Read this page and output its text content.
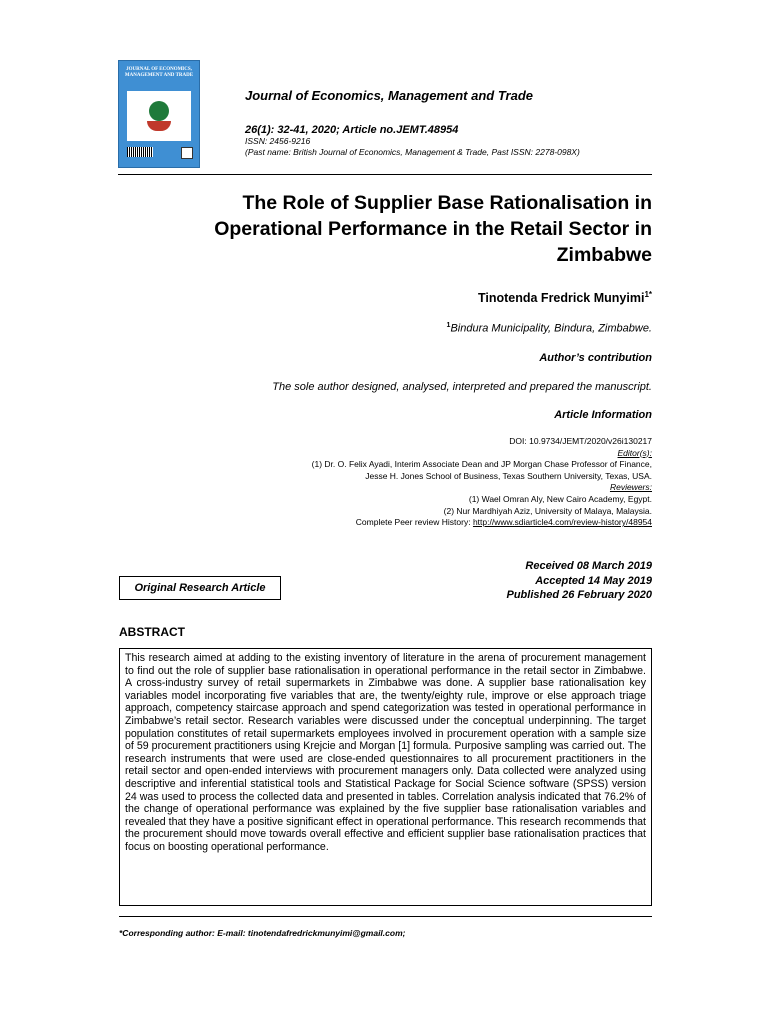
JOURNAL OF ECONOMICS, MANAGEMENT AND TRADE
Journal of Economics, Management and Trade
26(1): 32-41, 2020; Article no.JEMT.48954
ISSN: 2456-9216
(Past name: British Journal of Economics, Management & Trade, Past ISSN: 2278-098X)
The Role of Supplier Base Rationalisation in Operational Performance in the Retail Sector in Zimbabwe
Tinotenda Fredrick Munyimi$^{1*}$
$^1$Bindura Municipality, Bindura, Zimbabwe.
Author’s contribution
The sole author designed, analysed, interpreted and prepared the manuscript.
Article Information
DOI: 10.9734/JEMT/2020/v26i130217
Editor(s):
(1) Dr. O. Felix Ayadi, Interim Associate Dean and JP Morgan Chase Professor of Finance,
Jesse H. Jones School of Business, Texas Southern University, Texas, USA.
Reviewers:
(1) Wael Omran Aly, New Cairo Academy, Egypt.
(2) Nur Mardhiyah Aziz, University of Malaya, Malaysia.
Complete Peer review History: http://www.sdiarticle4.com/review-history/48954
Original Research Article
Received 08 March 2019
Accepted 14 May 2019
Published 26 February 2020
ABSTRACT
This research aimed at adding to the existing inventory of literature in the arena of procurement management to find out the role of supplier base rationalisation in operational performance in the retail sector in Zimbabwe. A cross-industry survey of retail supermarkets in Zimbabwe was done. A supplier base rationalisation key variables model incorporating five variables that are, the twenty/eighty rule, improve or else approach triage approach, competency staircase approach and spend categorization was tested in operational performance in Zimbabwe’s retail sector. Research variables were discussed under the conceptual underpinning. The target population constitutes of retail supermarkets employees involved in procurement operation with a sample size of 59 procurement practitioners using Krejcie and Morgan [1] formula. Purposive sampling was carried out. The research instruments that were used are close-ended questionnaires to all procurement practitioners in the retail sector and open-ended interviews with procurement managers only. Data collected were analyzed using descriptive and inferential statistical tools and Statistical Package for Social Science software (SPSS) version 24 was used to process the collected data and presented in tables. Correlation analysis indicated that 76.2% of the change of operational performance was explained by the five supplier base rationalisation variables and revealed that they have a positive significant effect in operational performance. This research recommends that the procurement should move towards overall effective and efficient supplier base rationalisation practices that focus on boosting operational performance.
*Corresponding author: E-mail: tinotendafredrickmunyimi@gmail.com;
